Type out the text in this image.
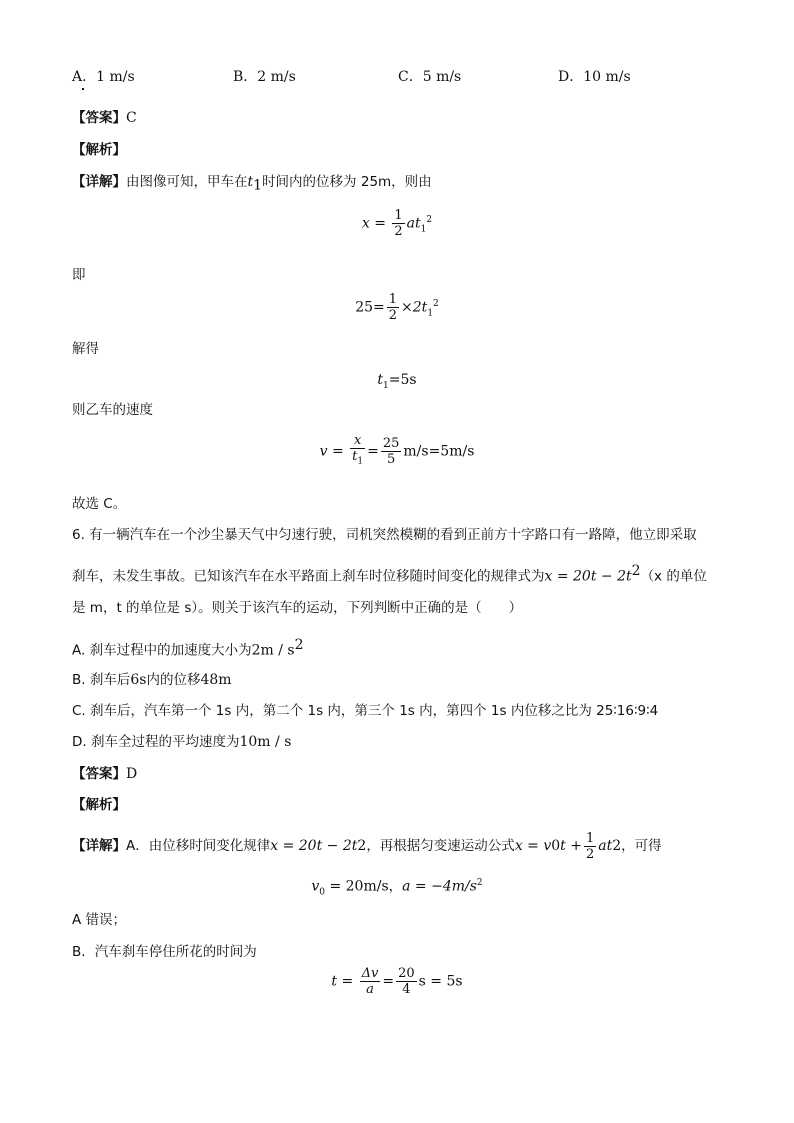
A．1 m/s	B．2 m/s	C．5 m/s	D．10 m/s
【答案】C
【解析】
【详解】由图像可知，甲车在$t_1$时间内的位移为 25m，则由
$x = \frac{1}{2} at_1^2$
即
$25= \frac{1}{2} \times 2t_1^2$
解得
$t_1=5s$
则乙车的速度
$v = \frac{x}{t_1} = \frac{25}{5} m/s=5m/s$
故选 C。
6. 有一辆汽车在一个沙尘暴天气中匀速行驶，司机突然模糊的看到正前方十字路口有一路障，他立即采取
刹车，未发生事故。已知该汽车在水平路面上刹车时位移随时间变化的规律式为$x = 20t - 2t^2(x$ 的单位
是 m，t 的单位是 s）。则关于该汽车的运动，下列判断中正确的是（　　）
A. 刹车过程中的加速度大小为$2m / s^2$
B. 刹车后6s内的位移48m
C. 刹车后，汽车第一个 1s 内，第二个 1s 内，第三个 1s 内，第四个 1s 内位移之比为 25∶16∶9∶4
D. 刹车全过程的平均速度为10m / s
【答案】D
【解析】
【详解】 A．由位移时间变化规律 x = 20t − 2t 2 ，再根据匀变速运动公式 x = v 0 $t + \frac{1}{2}$ at 2 ，可得
$v_0 = 20m/s$，$a = -4m/s^2$
A 错误；
B．汽车刹车停住所花的时间为
$t = \frac{\Delta v}{a} = \frac{20}{4}$ s = 5s
